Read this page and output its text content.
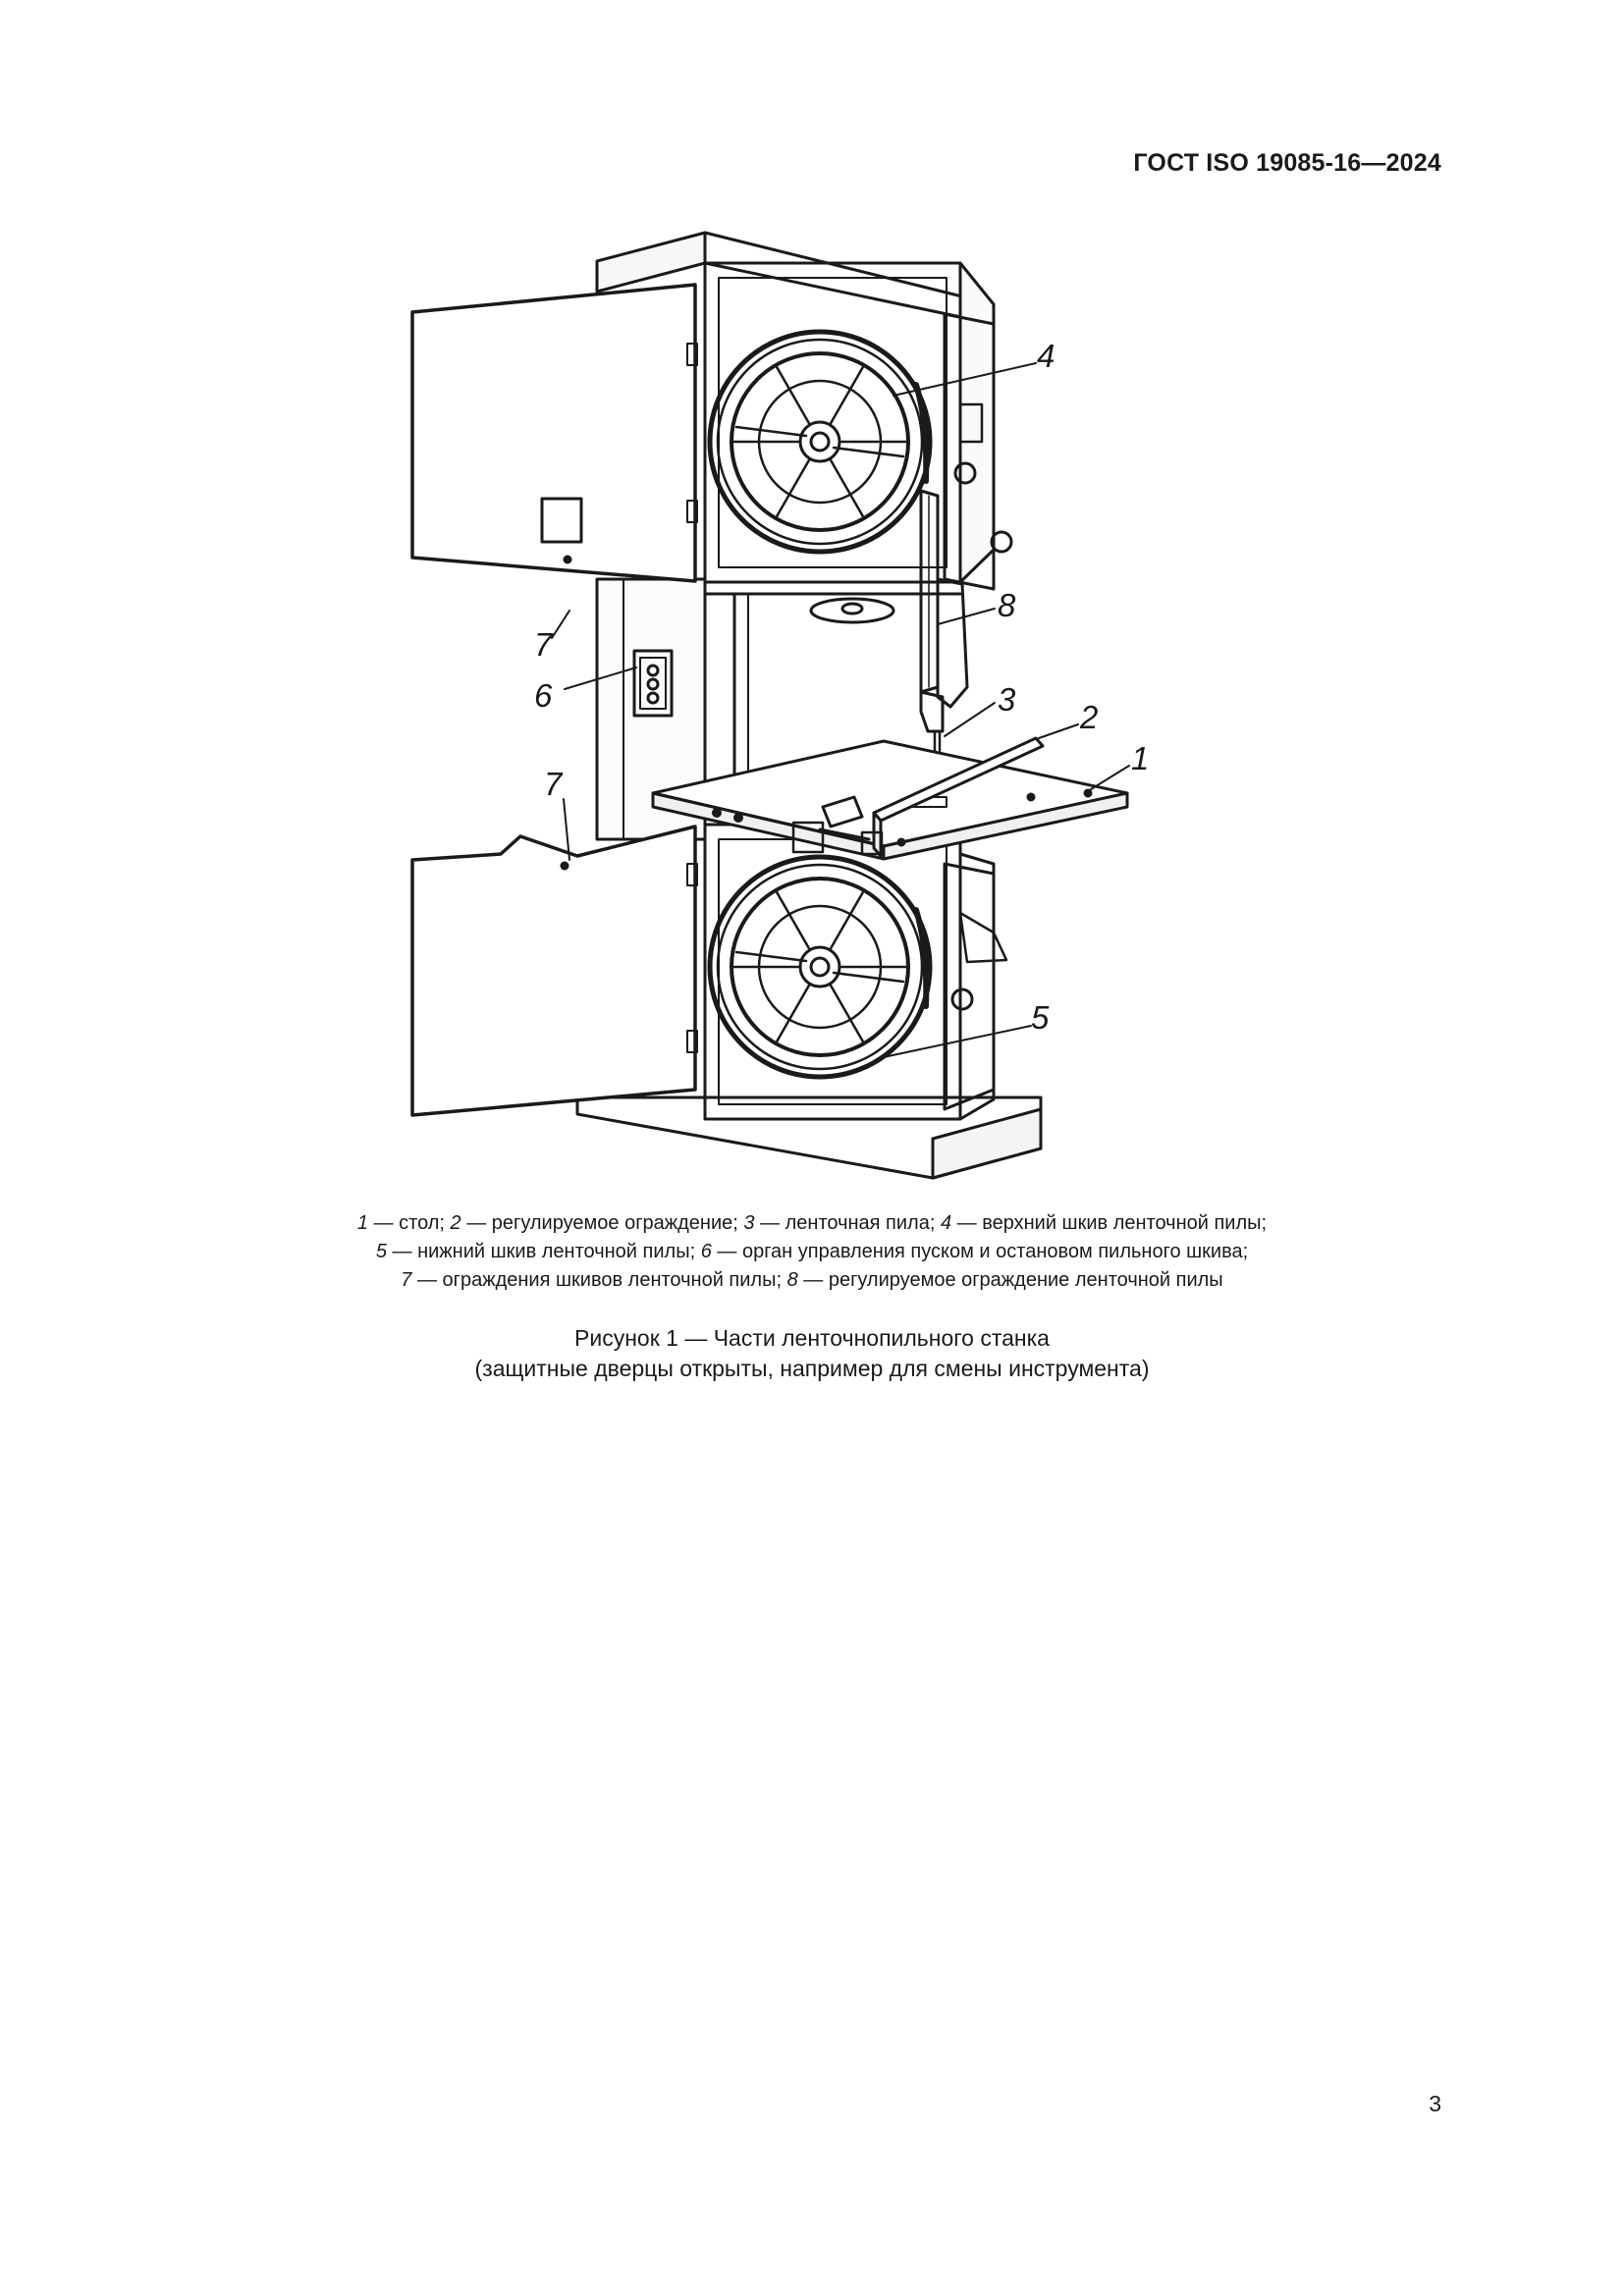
ГОСТ ISO 19085-16—2024
4
8
3 2
1
5
7
6
7
1 — стол; 2 — регулируемое ограждение; 3 — ленточная пила; 4 — верхний шкив ленточной пилы;
5 — нижний шкив ленточной пилы; 6 — орган управления пуском и остановом пильного шкива;
7 — ограждения шкивов ленточной пилы; 8 — регулируемое ограждение ленточной пилы
Рисунок 1 — Части ленточнопильного станка
(защитные дверцы открыты, например для смены инструмента)
3
